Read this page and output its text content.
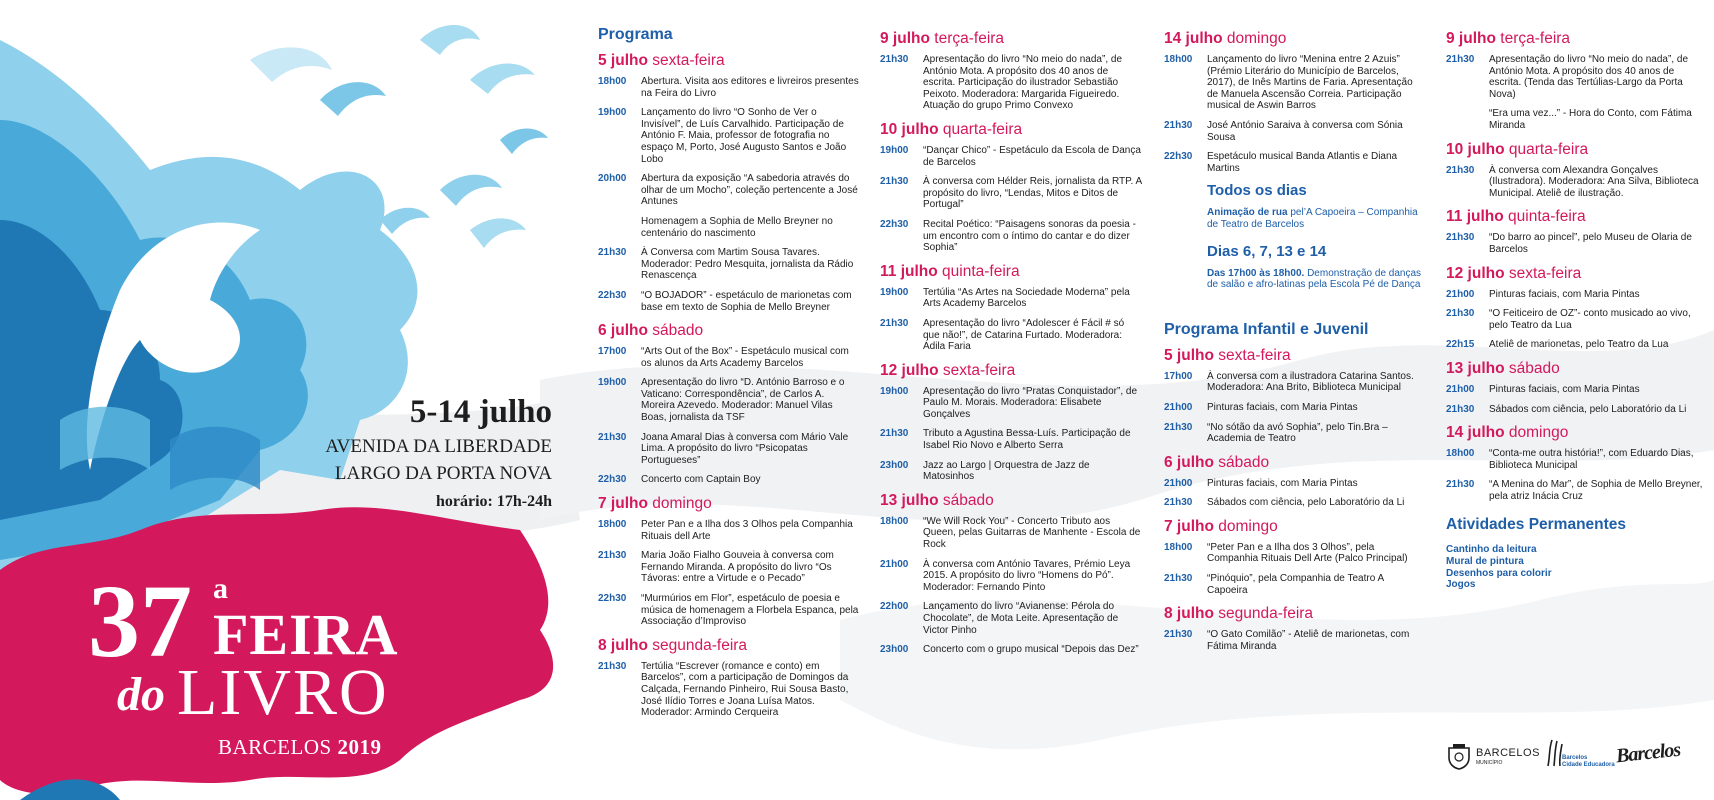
5-14 julho
AVENIDA DA LIBERDADE
LARGO DA PORTA NOVA
horário: 17h-24h
37 a
FEIRA
do LIVRO
BARCELOS 2019
Programa
5 julho sexta-feira
18h00	Abertura. Visita aos editores e livreiros presentes na Feira do Livro
19h00	Lançamento do livro “O Sonho de Ver o Invisível”, de Luís Carvalhido. Participação de António F. Maia, professor de fotografia no espaço M, Porto, José Augusto Santos e João Lobo
20h00	Abertura da exposição “A sabedoria através do olhar de um Mocho”, coleção pertencente a José Antunes
Homenagem a Sophia de Mello Breyner no centenário do nascimento
21h30	À Conversa com Martim Sousa Tavares. Moderador: Pedro Mesquita, jornalista da Rádio Renascença
22h30	“O BOJADOR” - espetáculo de marionetas com base em texto de Sophia de Mello Breyner
6 julho sábado
17h00	“Arts Out of the Box” - Espetáculo musical com os alunos da Arts Academy Barcelos
19h00	Apresentação do livro “D. António Barroso e o Vaticano: Correspondência”, de Carlos A. Moreira Azevedo. Moderador: Manuel Vilas Boas, jornalista da TSF
21h30	Joana Amaral Dias à conversa com Mário Vale Lima. A propósito do livro “Psicopatas Portugueses”
22h30	Concerto com Captain Boy
7 julho domingo
18h00	Peter Pan e a Ilha dos 3 Olhos pela Companhia Rituais dell Arte
21h30	Maria João Fialho Gouveia à conversa com Fernando Miranda. A propósito do livro “Os Távoras: entre a Virtude e o Pecado”
22h30	“Murmúrios em Flor”, espetáculo de poesia e música de homenagem a Florbela Espanca, pela Associação d’Improviso
8 julho segunda-feira
21h30	Tertúlia “Escrever (romance e conto) em Barcelos”, com a participação de Domingos da Calçada, Fernando Pinheiro, Rui Sousa Basto, José Ilídio Torres e Joana Luísa Matos. Moderador: Armindo Cerqueira
9 julho terça-feira
21h30	Apresentação do livro “No meio do nada”, de António Mota. A propósito dos 40 anos de escrita. Participação do ilustrador Sebastião Peixoto. Moderadora: Margarida Figueiredo. Atuação do grupo Primo Convexo
10 julho quarta-feira
19h00	“Dançar Chico” - Espetáculo da Escola de Dança de Barcelos
21h30	À conversa com Hélder Reis, jornalista da RTP. A propósito do livro, “Lendas, Mitos e Ditos de Portugal”
22h30	Recital Poético: “Paisagens sonoras da poesia - um encontro com o íntimo do cantar e do dizer Sophia”
11 julho quinta-feira
19h00	Tertúlia “As Artes na Sociedade Moderna” pela Arts Academy Barcelos
21h30	Apresentação do livro “Adolescer é Fácil # só que não!”, de Catarina Furtado. Moderadora: Ádila Faria
12 julho sexta-feira
19h00	Apresentação do livro “Pratas Conquistador”, de Paulo M. Morais. Moderadora: Elisabete Gonçalves
21h30	Tributo a Agustina Bessa-Luís. Participação de Isabel Rio Novo e Alberto Serra
23h00	Jazz ao Largo | Orquestra de Jazz de Matosinhos
13 julho sábado
18h00	“We Will Rock You” - Concerto Tributo aos Queen, pelas Guitarras de Manhente - Escola de Rock
21h00	À conversa com António Tavares, Prémio Leya 2015. A propósito do livro “Homens do Pó”. Moderador: Fernando Pinto
22h00	Lançamento do livro “Avianense: Pérola do Chocolate”, de Mota Leite. Apresentação de Victor Pinho
23h00	Concerto com o grupo musical “Depois das Dez”
14 julho domingo
18h00	Lançamento do livro “Menina entre 2 Azuis” (Prémio Literário do Município de Barcelos, 2017), de Inês Martins de Faria. Apresentação de Manuela Ascensão Correia. Participação musical de Aswin Barros
21h30	José António Saraiva à conversa com Sónia Sousa
22h30	Espetáculo musical Banda Atlantis e Diana Martins
Todos os dias
Animação de rua pel’A Capoeira – Companhia de Teatro de Barcelos
Dias 6, 7, 13 e 14
Das 17h00 às 18h00. Demonstração de danças de salão e afro-latinas pela Escola Pé de Dança
Programa Infantil e Juvenil
5 julho sexta-feira
17h00	À conversa com a ilustradora Catarina Santos. Moderadora: Ana Brito, Biblioteca Municipal
21h00	Pinturas faciais, com Maria Pintas
21h30	“No sótão da avó Sophia”, pelo Tin.Bra – Academia de Teatro
6 julho sábado
21h00	Pinturas faciais, com Maria Pintas
21h30	Sábados com ciência, pelo Laboratório da Li
7 julho domingo
18h00	“Peter Pan e a Ilha dos 3 Olhos”, pela Companhia Rituais Dell Arte (Palco Principal)
21h30	“Pinóquio”, pela Companhia de Teatro A Capoeira
8 julho segunda-feira
21h30	“O Gato Comilão” - Ateliê de marionetas, com Fátima Miranda
9 julho terça-feira
21h30	Apresentação do livro “No meio do nada”, de António Mota. A propósito dos 40 anos de escrita. (Tenda das Tertúlias-Largo da Porta Nova)
“Era uma vez...” - Hora do Conto, com Fátima Miranda
10 julho quarta-feira
21h30	À conversa com Alexandra Gonçalves (Ilustradora). Moderadora: Ana Silva, Biblioteca Municipal. Ateliê de ilustração.
11 julho quinta-feira
21h30	“Do barro ao pincel”, pelo Museu de Olaria de Barcelos
12 julho sexta-feira
21h00	Pinturas faciais, com Maria Pintas
21h30	“O Feiticeiro de OZ”- conto musicado ao vivo, pelo Teatro da Lua
22h15	Ateliê de marionetas, pelo Teatro da Lua
13 julho sábado
21h00	Pinturas faciais, com Maria Pintas
21h30	Sábados com ciência, pelo Laboratório da Li
14 julho domingo
18h00	“Conta-me outra história!”, com Eduardo Dias, Biblioteca Municipal
21h30	“A Menina do Mar”, de Sophia de Mello Breyner, pela atriz Inácia Cruz
Atividades Permanentes
Cantinho da leitura
Mural de pintura
Desenhos para colorir
Jogos
BARCELOS
MUNICÍPIO
Barcelos
Cidade Educadora Barcelos
